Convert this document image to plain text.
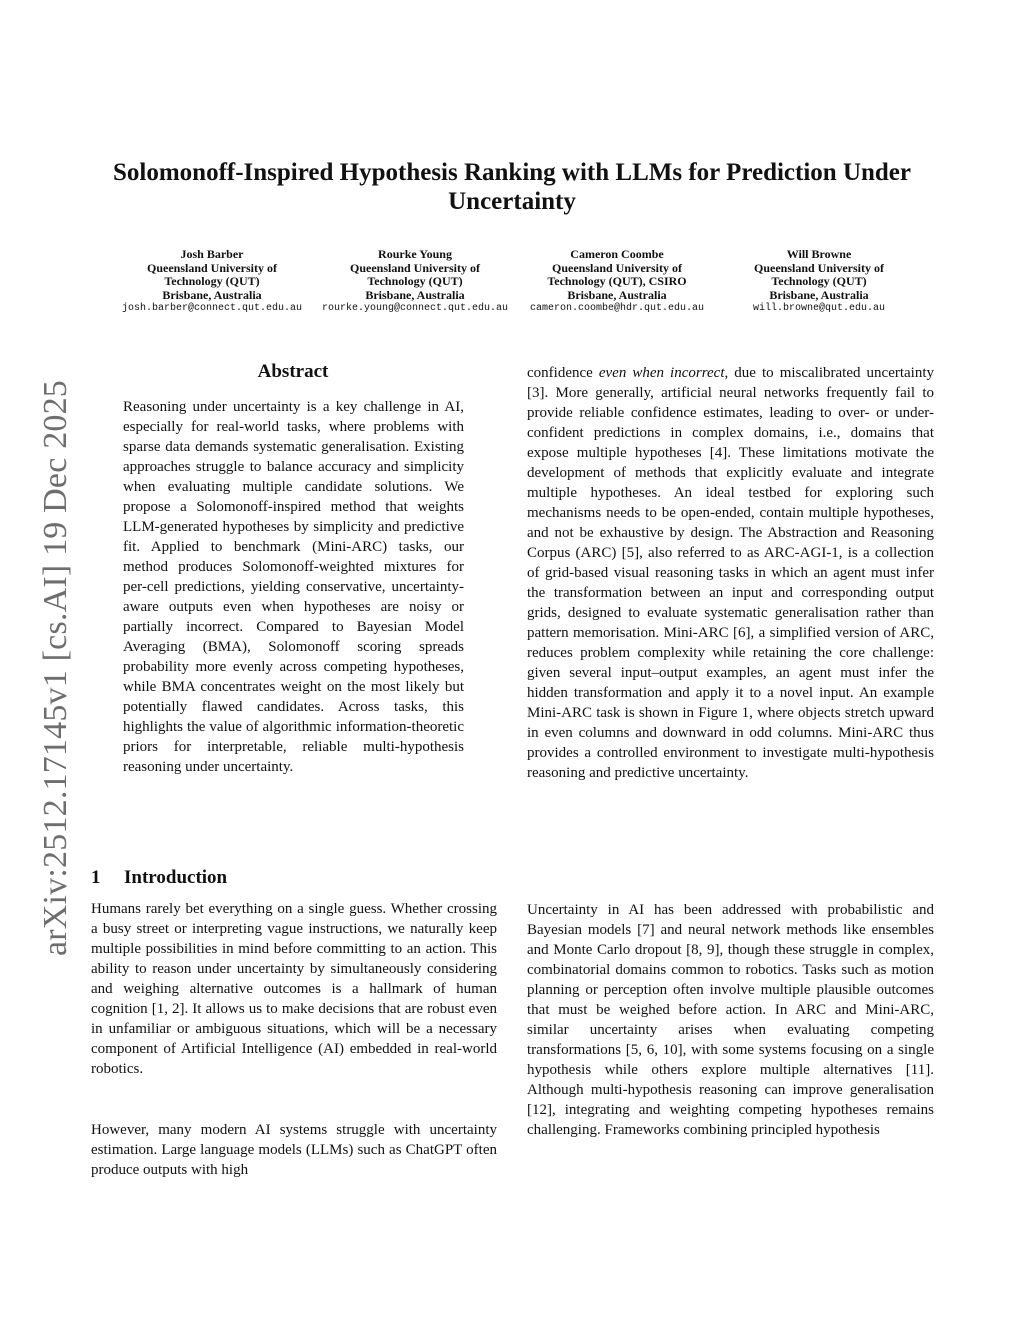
arXiv:2512.17145v1 [cs.AI] 19 Dec 2025
Solomonoff-Inspired Hypothesis Ranking with LLMs for Prediction Under Uncertainty
Josh Barber
Queensland University of
Technology (QUT)
Brisbane, Australia
josh.barber@connect.qut.edu.au
Rourke Young
Queensland University of
Technology (QUT)
Brisbane, Australia
rourke.young@connect.qut.edu.au
Cameron Coombe
Queensland University of
Technology (QUT), CSIRO
Brisbane, Australia
cameron.coombe@hdr.qut.edu.au
Will Browne
Queensland University of
Technology (QUT)
Brisbane, Australia
will.browne@qut.edu.au
Abstract
Reasoning under uncertainty is a key challenge in AI, especially for real-world tasks, where problems with sparse data demands systematic generalisation. Existing approaches struggle to balance accuracy and simplicity when evaluating multiple candidate solutions. We propose a Solomonoff-inspired method that weights LLM-generated hypotheses by simplicity and predictive fit. Applied to benchmark (Mini-ARC) tasks, our method produces Solomonoff-weighted mixtures for per-cell predictions, yielding conservative, uncertainty-aware outputs even when hypotheses are noisy or partially incorrect. Compared to Bayesian Model Averaging (BMA), Solomonoff scoring spreads probability more evenly across competing hypotheses, while BMA concentrates weight on the most likely but potentially flawed candidates. Across tasks, this highlights the value of algorithmic information-theoretic priors for interpretable, reliable multi-hypothesis reasoning under uncertainty.
1 Introduction
Humans rarely bet everything on a single guess. Whether crossing a busy street or interpreting vague instructions, we naturally keep multiple possibilities in mind before committing to an action. This ability to reason under uncertainty by simultaneously considering and weighing alternative outcomes is a hallmark of human cognition [1, 2]. It allows us to make decisions that are robust even in unfamiliar or ambiguous situations, which will be a necessary component of Artificial Intelligence (AI) embedded in real-world robotics.
However, many modern AI systems struggle with uncertainty estimation. Large language models (LLMs) such as ChatGPT often produce outputs with high
confidence even when incorrect, due to miscalibrated uncertainty [3]. More generally, artificial neural networks frequently fail to provide reliable confidence estimates, leading to over- or under-confident predictions in complex domains, i.e., domains that expose multiple hypotheses [4]. These limitations motivate the development of methods that explicitly evaluate and integrate multiple hypotheses. An ideal testbed for exploring such mechanisms needs to be open-ended, contain multiple hypotheses, and not be exhaustive by design. The Abstraction and Reasoning Corpus (ARC) [5], also referred to as ARC-AGI-1, is a collection of grid-based visual reasoning tasks in which an agent must infer the transformation between an input and corresponding output grids, designed to evaluate systematic generalisation rather than pattern memorisation. Mini-ARC [6], a simplified version of ARC, reduces problem complexity while retaining the core challenge: given several input–output examples, an agent must infer the hidden transformation and apply it to a novel input. An example Mini-ARC task is shown in Figure 1, where objects stretch upward in even columns and downward in odd columns. Mini-ARC thus provides a controlled environment to investigate multi-hypothesis reasoning and predictive uncertainty.
Uncertainty in AI has been addressed with probabilistic and Bayesian models [7] and neural network methods like ensembles and Monte Carlo dropout [8, 9], though these struggle in complex, combinatorial domains common to robotics. Tasks such as motion planning or perception often involve multiple plausible outcomes that must be weighed before action. In ARC and Mini-ARC, similar uncertainty arises when evaluating competing transformations [5, 6, 10], with some systems focusing on a single hypothesis while others explore multiple alternatives [11]. Although multi-hypothesis reasoning can improve generalisation [12], integrating and weighting competing hypotheses remains challenging. Frameworks combining principled hypothesis
